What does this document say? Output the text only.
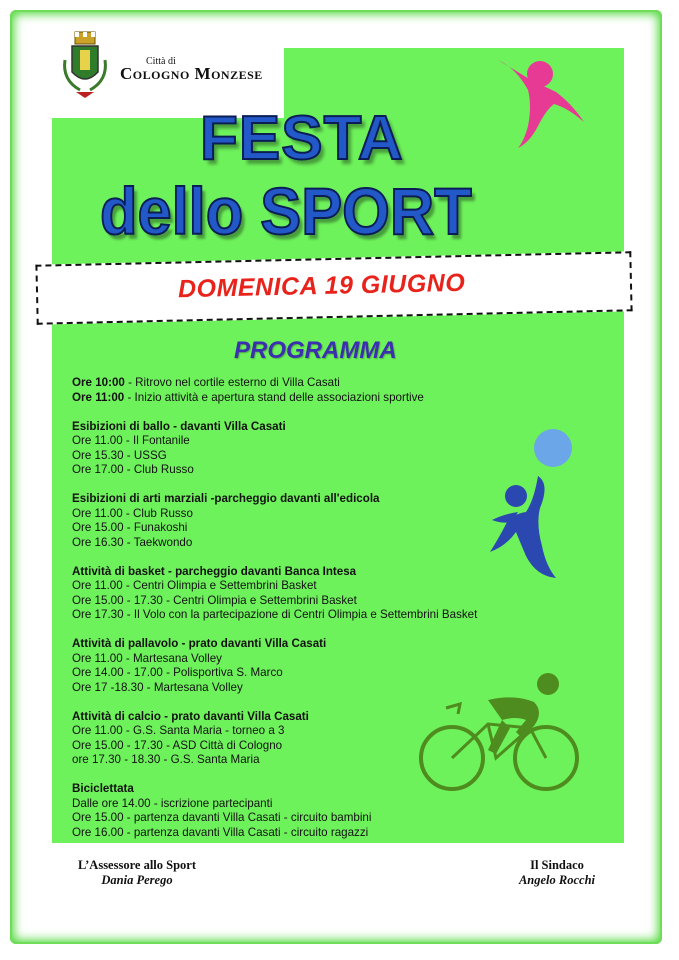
Città di
Cologno Monzese
FESTA
dello SPORT
DOMENICA 19 GIUGNO
PROGRAMMA
Ore 10:00 - Ritrovo nel cortile esterno di Villa Casati
Ore 11:00 - Inizio attività e apertura stand delle associazioni sportive
Esibizioni di ballo - davanti Villa Casati
Ore 11.00 - Il Fontanile
Ore 15.30 - USSG
Ore 17.00 - Club Russo
Esibizioni di arti marziali -parcheggio davanti all'edicola
Ore 11.00 - Club Russo
Ore 15.00 - Funakoshi
Ore 16.30 - Taekwondo
Attività di basket - parcheggio davanti Banca Intesa
Ore 11.00 - Centri Olimpia e Settembrini Basket
Ore 15.00 - 17.30 - Centri Olimpia e Settembrini Basket
Ore 17.30 - Il Volo con la partecipazione di Centri Olimpia e Settembrini Basket
Attività di pallavolo - prato davanti Villa Casati
Ore 11.00 - Martesana Volley
Ore 14.00 - 17.00 - Polisportiva S. Marco
Ore 17 -18.30 - Martesana Volley
Attività di calcio - prato davanti Villa Casati
Ore 11.00 - G.S. Santa Maria - torneo a 3
Ore 15.00 - 17.30 - ASD Città di Cologno
ore 17.30 - 18.30 - G.S. Santa Maria
Biciclettata
Dalle ore 14.00 - iscrizione partecipanti
Ore 15.00 - partenza davanti Villa Casati - circuito bambini
Ore 16.00 - partenza davanti Villa Casati - circuito ragazzi
L’Assessore allo Sport
Dania Perego
Il Sindaco
Angelo Rocchi
